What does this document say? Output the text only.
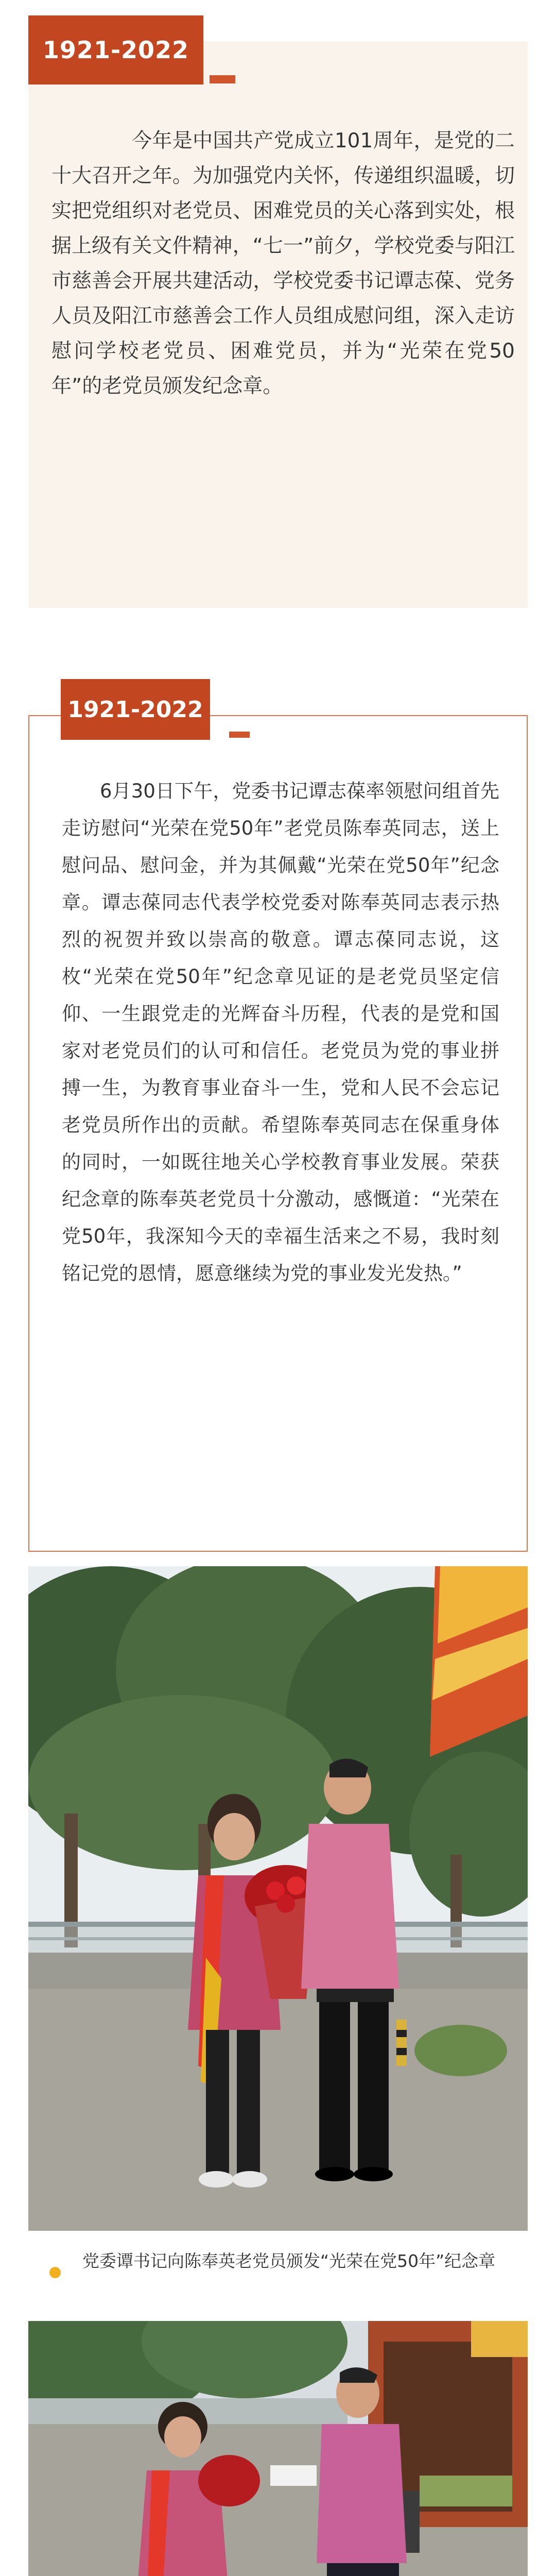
1921-2022

今年是中国共产党成立101周年，是党的二十大召开之年。为加强党内关怀，传递组织温暖，切实把党组织对老党员、困难党员的关心落到实处，根据上级有关文件精神，“七一”前夕，学校党委与阳江市慈善会开展共建活动，学校党委书记谭志葆、党务人员及阳江市慈善会工作人员组成慰问组，深入走访慰问学校老党员、困难党员，并为“光荣在党50年”的老党员颁发纪念章。

1921-2022

6月30日下午，党委书记谭志葆率领慰问组首先走访慰问“光荣在党50年”老党员陈奉英同志，送上慰问品、慰问金，并为其佩戴“光荣在党50年”纪念章。谭志葆同志代表学校党委对陈奉英同志表示热烈的祝贺并致以崇高的敬意。谭志葆同志说，这枚“光荣在党50年”纪念章见证的是老党员坚定信仰、一生跟党走的光辉奋斗历程，代表的是党和国家对老党员们的认可和信任。老党员为党的事业拼搏一生，为教育事业奋斗一生，党和人民不会忘记老党员所作出的贡献。希望陈奉英同志在保重身体的同时，一如既往地关心学校教育事业发展。荣获纪念章的陈奉英老党员十分激动，感慨道：“光荣在党50年，我深知今天的幸福生活来之不易，我时刻铭记党的恩情，愿意继续为党的事业发光发热。”

党委谭书记向陈奉英老党员颁发“光荣在党50年”纪念章
